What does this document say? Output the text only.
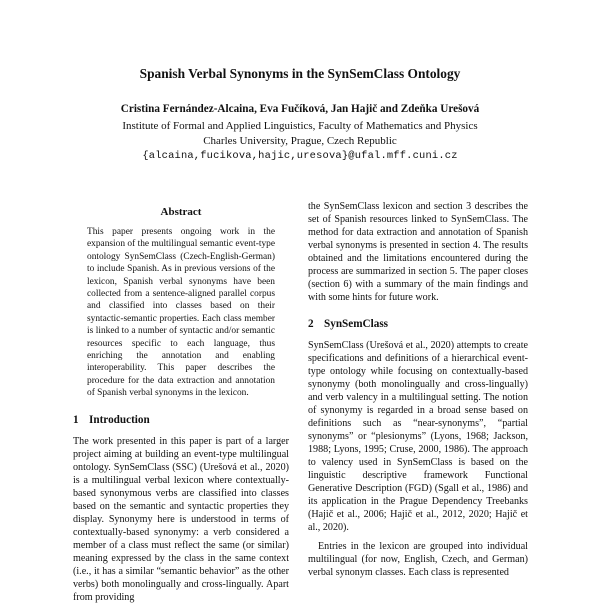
Spanish Verbal Synonyms in the SynSemClass Ontology
Cristina Fernández-Alcaina, Eva Fučíková, Jan Hajič and Zdeňka Urešová
Institute of Formal and Applied Linguistics, Faculty of Mathematics and Physics
Charles University, Prague, Czech Republic
{alcaina,fucikova,hajic,uresova}@ufal.mff.cuni.cz
Abstract
This paper presents ongoing work in the expansion of the multilingual semantic event-type ontology SynSemClass (Czech-English-German) to include Spanish. As in previous versions of the lexicon, Spanish verbal synonyms have been collected from a sentence-aligned parallel corpus and classified into classes based on their syntactic-semantic properties. Each class member is linked to a number of syntactic and/or semantic resources specific to each language, thus enriching the annotation and enabling interoperability. This paper describes the procedure for the data extraction and annotation of Spanish verbal synonyms in the lexicon.
1 Introduction
The work presented in this paper is part of a larger project aiming at building an event-type multilingual ontology. SynSemClass (SSC) (Urešová et al., 2020) is a multilingual verbal lexicon where contextually-based synonymous verbs are classified into classes based on the semantic and syntactic properties they display. Synonymy here is understood in terms of contextually-based synonymy: a verb considered a member of a class must reflect the same (or similar) meaning expressed by the class in the same context (i.e., it has a similar “semantic behavior” as the other verbs) both monolingually and cross-lingually. Apart from providing
the SynSemClass lexicon and section 3 describes the set of Spanish resources linked to SynSemClass. The method for data extraction and annotation of Spanish verbal synonyms is presented in section 4. The results obtained and the limitations encountered during the process are summarized in section 5. The paper closes (section 6) with a summary of the main findings and with some hints for future work.
2 SynSemClass
SynSemClass (Urešová et al., 2020) attempts to create specifications and definitions of a hierarchical event-type ontology while focusing on contextually-based synonymy (both monolingually and cross-lingually) and verb valency in a multilingual setting. The notion of synonymy is regarded in a broad sense based on definitions such as “near-synonyms”, “partial synonyms” or “plesionyms” (Lyons, 1968; Jackson, 1988; Lyons, 1995; Cruse, 2000, 1986). The approach to valency used in SynSemClass is based on the linguistic descriptive framework Functional Generative Description (FGD) (Sgall et al., 1986) and its application in the Prague Dependency Treebanks (Hajič et al., 2006; Hajič et al., 2012, 2020; Hajič et al., 2020).
Entries in the lexicon are grouped into individual multilingual (for now, English, Czech, and German) verbal synonym classes. Each class is represented
